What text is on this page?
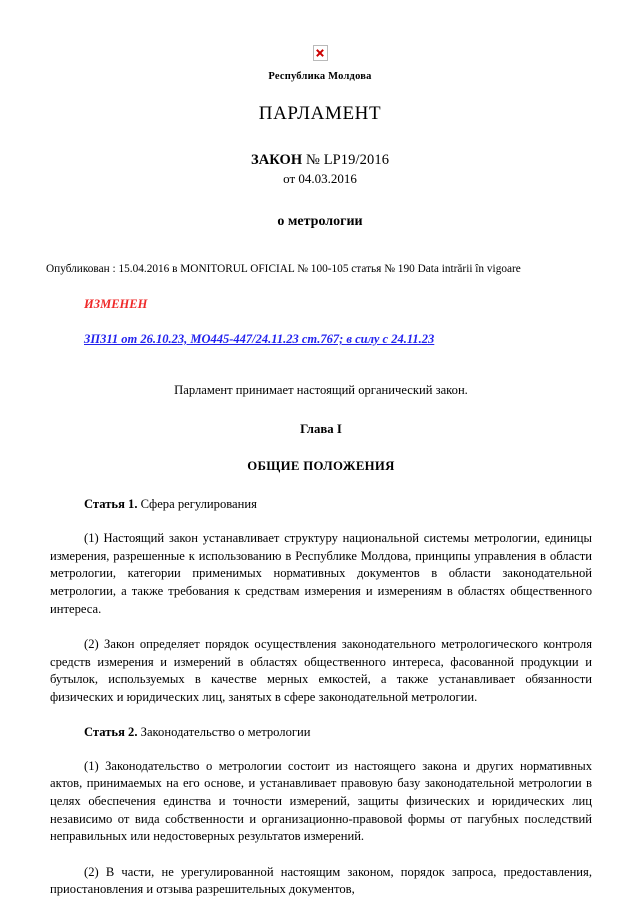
Республика Молдова
ПАРЛАМЕНТ
ЗАКОН № LP19/2016
от 04.03.2016
о метрологии
Опубликован : 15.04.2016 в MONITORUL OFICIAL № 100-105 статья № 190 Data intrării în vigoare
ИЗМЕНЕН
ЗП311 от 26.10.23, МО445-447/24.11.23 ст.767; в силу с 24.11.23

Парламент принимает настоящий органический закон.

Глава I

ОБЩИЕ ПОЛОЖЕНИЯ

Статья 1. Сфера регулирования

(1) Настоящий закон устанавливает структуру национальной системы метрологии, единицы измерения, разрешенные к использованию в Республике Молдова, принципы управления в области метрологии, категории применимых нормативных документов в области законодательной метрологии, а также требования к средствам измерения и измерениям в областях общественного интереса.

(2) Закон определяет порядок осуществления законодательного метрологического контроля средств измерения и измерений в областях общественного интереса, фасованной продукции и бутылок, используемых в качестве мерных емкостей, а также устанавливает обязанности физических и юридических лиц, занятых в сфере законодательной метрологии.

Статья 2. Законодательство о метрологии

(1) Законодательство о метрологии состоит из настоящего закона и других нормативных актов, принимаемых на его основе, и устанавливает правовую базу законодательной метрологии в целях обеспечения единства и точности измерений, защиты физических и юридических лиц независимо от вида собственности и организационно-правовой формы от пагубных последствий неправильных или недостоверных результатов измерений.

(2) В части, не урегулированной настоящим законом, порядок запроса, предоставления, приостановления и отзыва разрешительных документов,
